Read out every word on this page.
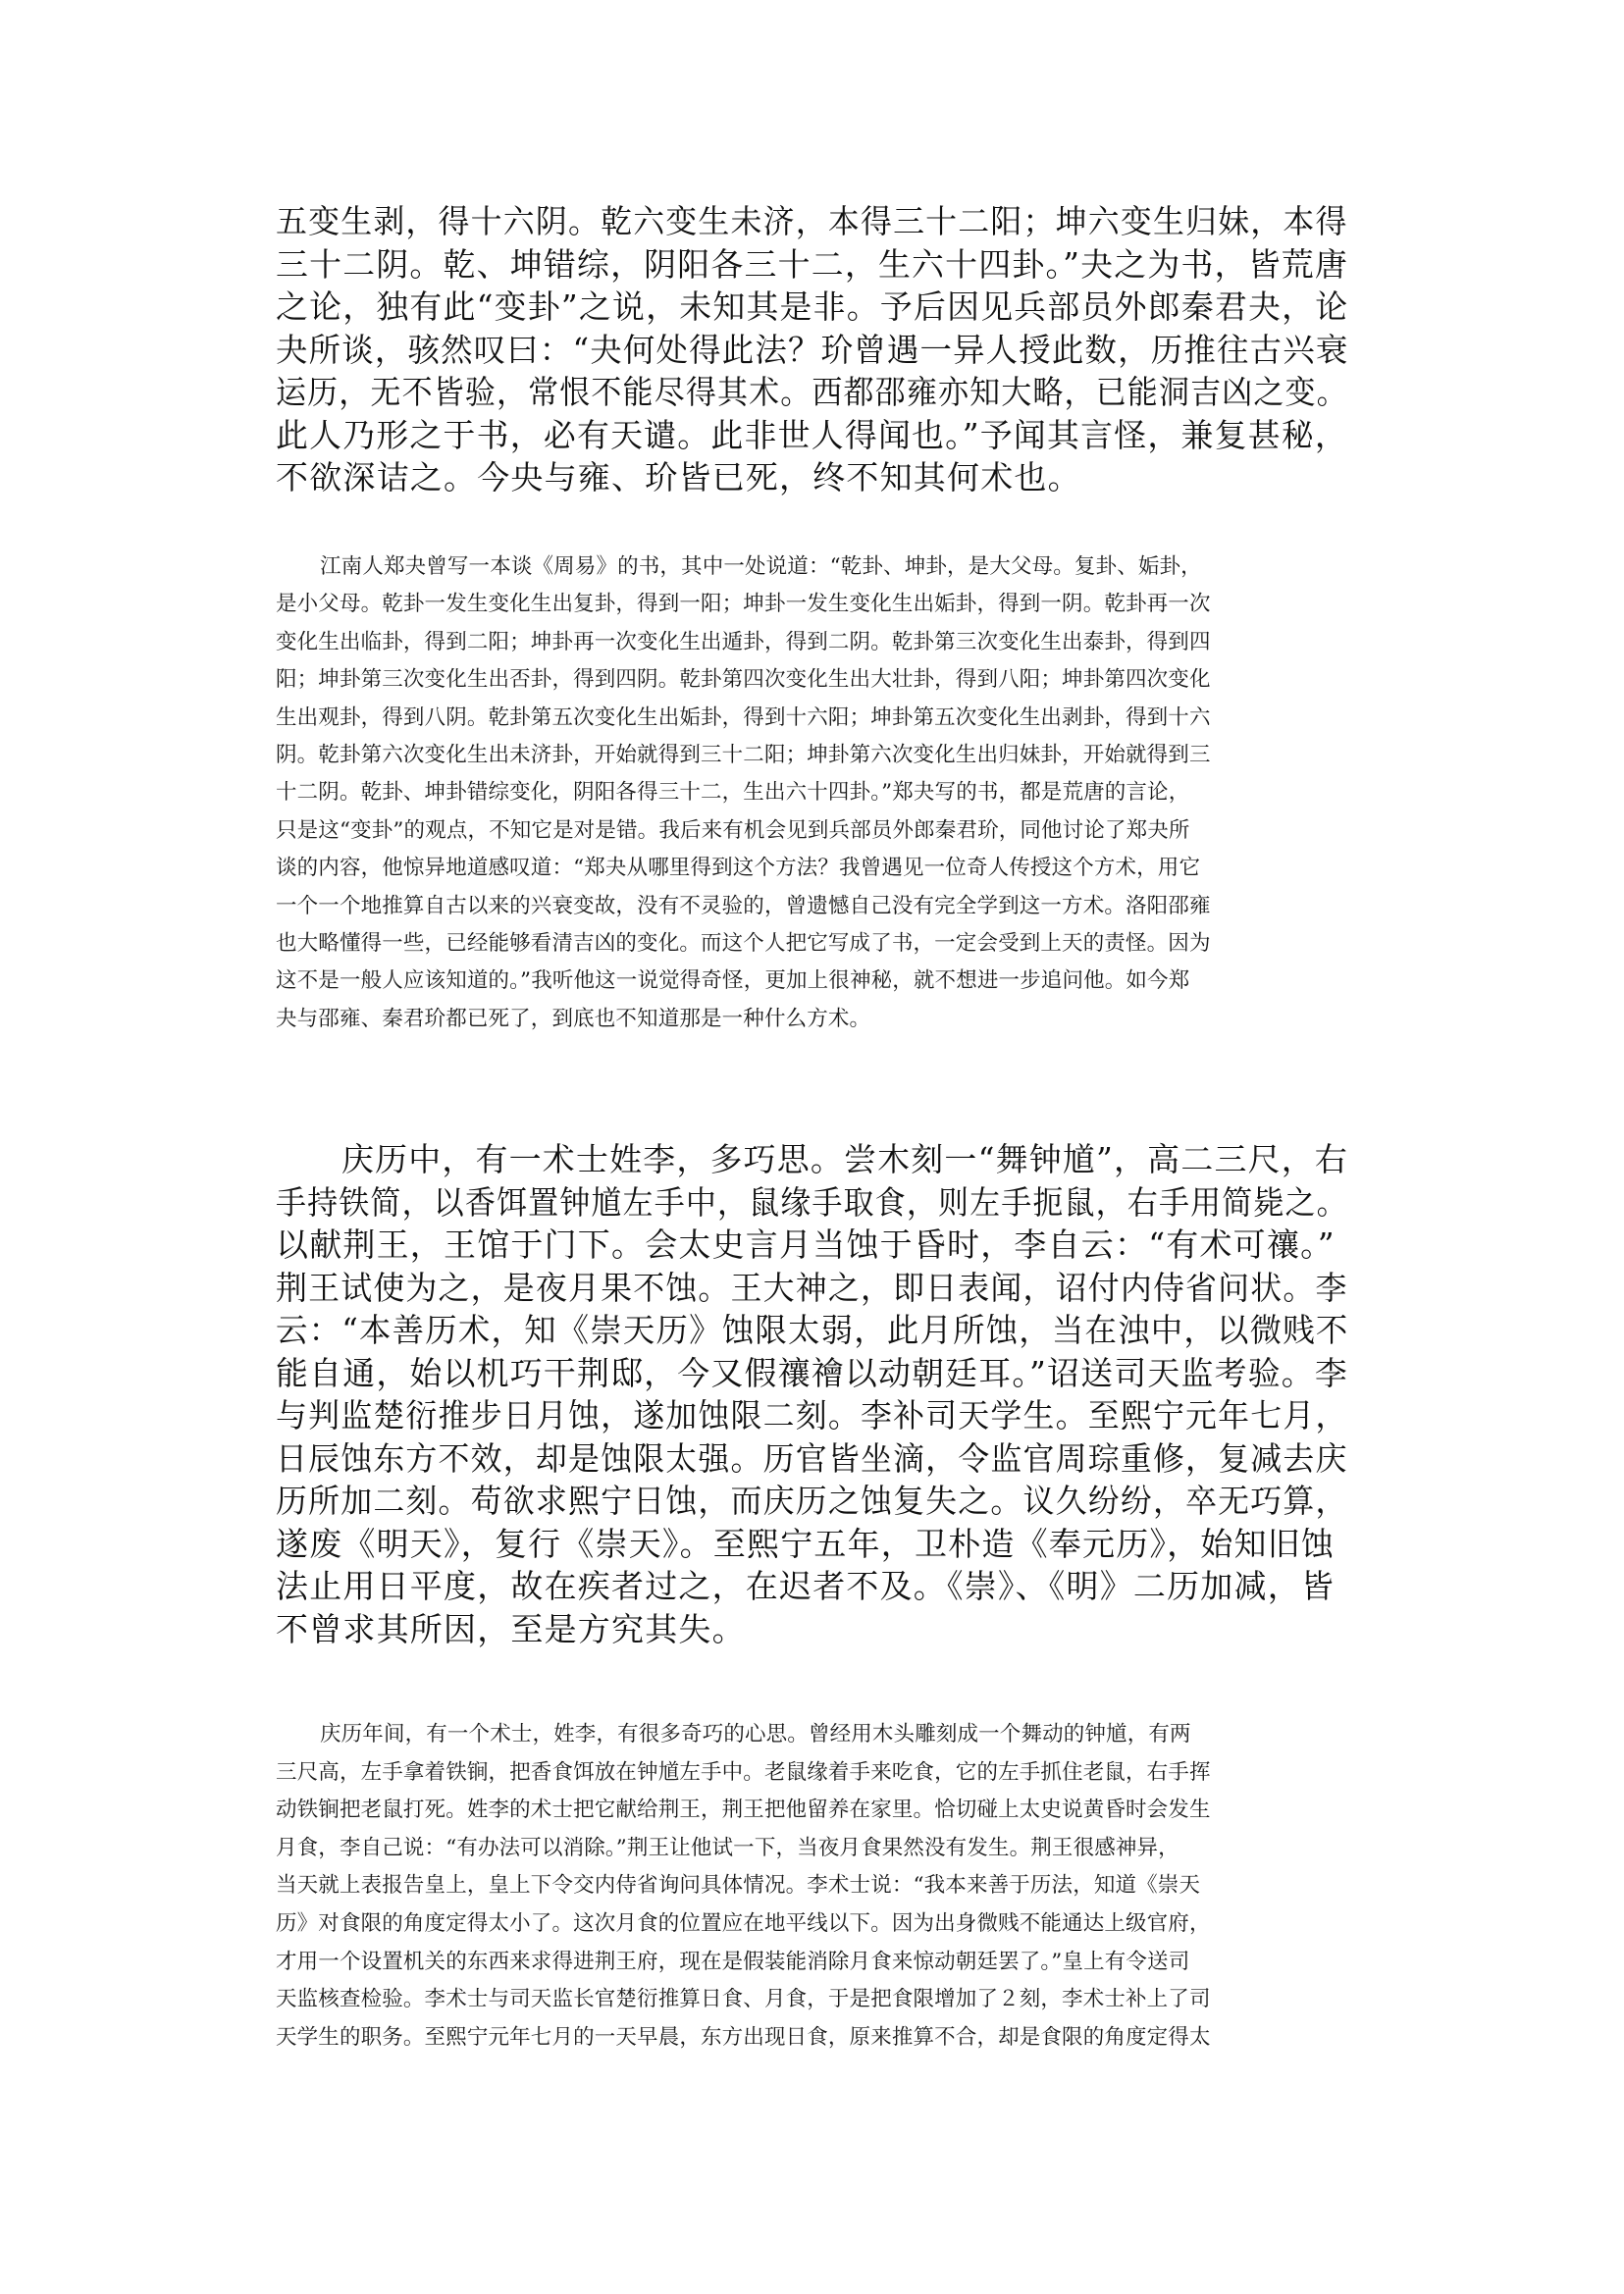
五变生剥，得十六阴。乾六变生未济，本得三十二阳；坤六变生归妹，本得
三十二阴。乾、坤错综，阴阳各三十二，生六十四卦。”夬之为书，皆荒唐
之论，独有此“变卦”之说，未知其是非。予后因见兵部员外郎秦君夬，论
夬所谈，骇然叹曰：“夬何处得此法？玠曾遇一异人授此数，历推往古兴衰
运历，无不皆验，常恨不能尽得其术。西都邵雍亦知大略，已能洞吉凶之变。
此人乃形之于书，必有天谴。此非世人得闻也。”予闻其言怪，兼复甚秘，
不欲深诘之。今央与雍、玠皆已死，终不知其何术也。
江南人郑夬曾写一本谈《周易》的书，其中一处说道：“乾卦、坤卦，是大父母。复卦、姤卦，
是小父母。乾卦一发生变化生出复卦，得到一阳；坤卦一发生变化生出姤卦，得到一阴。乾卦再一次
变化生出临卦，得到二阳；坤卦再一次变化生出遁卦，得到二阴。乾卦第三次变化生出泰卦，得到四
阳；坤卦第三次变化生出否卦，得到四阴。乾卦第四次变化生出大壮卦，得到八阳；坤卦第四次变化
生出观卦，得到八阴。乾卦第五次变化生出姤卦，得到十六阳；坤卦第五次变化生出剥卦，得到十六
阴。乾卦第六次变化生出未济卦，开始就得到三十二阳；坤卦第六次变化生出归妹卦，开始就得到三
十二阴。乾卦、坤卦错综变化，阴阳各得三十二，生出六十四卦。”郑夬写的书，都是荒唐的言论，
只是这“变卦”的观点，不知它是对是错。我后来有机会见到兵部员外郎秦君玠，同他讨论了郑夬所
谈的内容，他惊异地道感叹道：“郑夬从哪里得到这个方法？我曾遇见一位奇人传授这个方术，用它
一个一个地推算自古以来的兴衰变故，没有不灵验的，曾遗憾自己没有完全学到这一方术。洛阳邵雍
也大略懂得一些，已经能够看清吉凶的变化。而这个人把它写成了书，一定会受到上天的责怪。因为
这不是一般人应该知道的。”我听他这一说觉得奇怪，更加上很神秘，就不想进一步追问他。如今郑
夬与邵雍、秦君玠都已死了，到底也不知道那是一种什么方术。
庆历中，有一术士姓李，多巧思。尝木刻一“舞钟馗”，高二三尺，右
手持铁简，以香饵置钟馗左手中，鼠缘手取食，则左手扼鼠，右手用简毙之。
以献荆王，王馆于门下。会太史言月当蚀于昏时，李自云：“有术可禳。”
荆王试使为之，是夜月果不蚀。王大神之，即日表闻，诏付内侍省问状。李
云：“本善历术，知《崇天历》蚀限太弱，此月所蚀，当在浊中，以微贱不
能自通，始以机巧干荆邸，今又假禳禬以动朝廷耳。”诏送司天监考验。李
与判监楚衍推步日月蚀，遂加蚀限二刻。李补司天学生。至熙宁元年七月，
日辰蚀东方不效，却是蚀限太强。历官皆坐滴，令监官周琮重修，复减去庆
历所加二刻。苟欲求熙宁日蚀，而庆历之蚀复失之。议久纷纷，卒无巧算，
遂废《明天》，复行《崇天》。至熙宁五年，卫朴造《奉元历》，始知旧蚀
法止用日平度，故在疾者过之，在迟者不及。《崇》、《明》二历加减，皆
不曾求其所因，至是方究其失。
庆历年间，有一个术士，姓李，有很多奇巧的心思。曾经用木头雕刻成一个舞动的钟馗，有两
三尺高，左手拿着铁锏，把香食饵放在钟馗左手中。老鼠缘着手来吃食，它的左手抓住老鼠，右手挥
动铁锏把老鼠打死。姓李的术士把它献给荆王，荆王把他留养在家里。恰切碰上太史说黄昏时会发生
月食，李自己说：“有办法可以消除。”荆王让他试一下，当夜月食果然没有发生。荆王很感神异，
当天就上表报告皇上，皇上下令交内侍省询问具体情况。李术士说：“我本来善于历法，知道《崇天
历》对食限的角度定得太小了。这次月食的位置应在地平线以下。因为出身微贱不能通达上级官府，
才用一个设置机关的东西来求得进荆王府，现在是假装能消除月食来惊动朝廷罢了。”皇上有令送司
天监核查检验。李术士与司天监长官楚衍推算日食、月食，于是把食限增加了２刻，李术士补上了司
天学生的职务。至熙宁元年七月的一天早晨，东方出现日食，原来推算不合，却是食限的角度定得太
